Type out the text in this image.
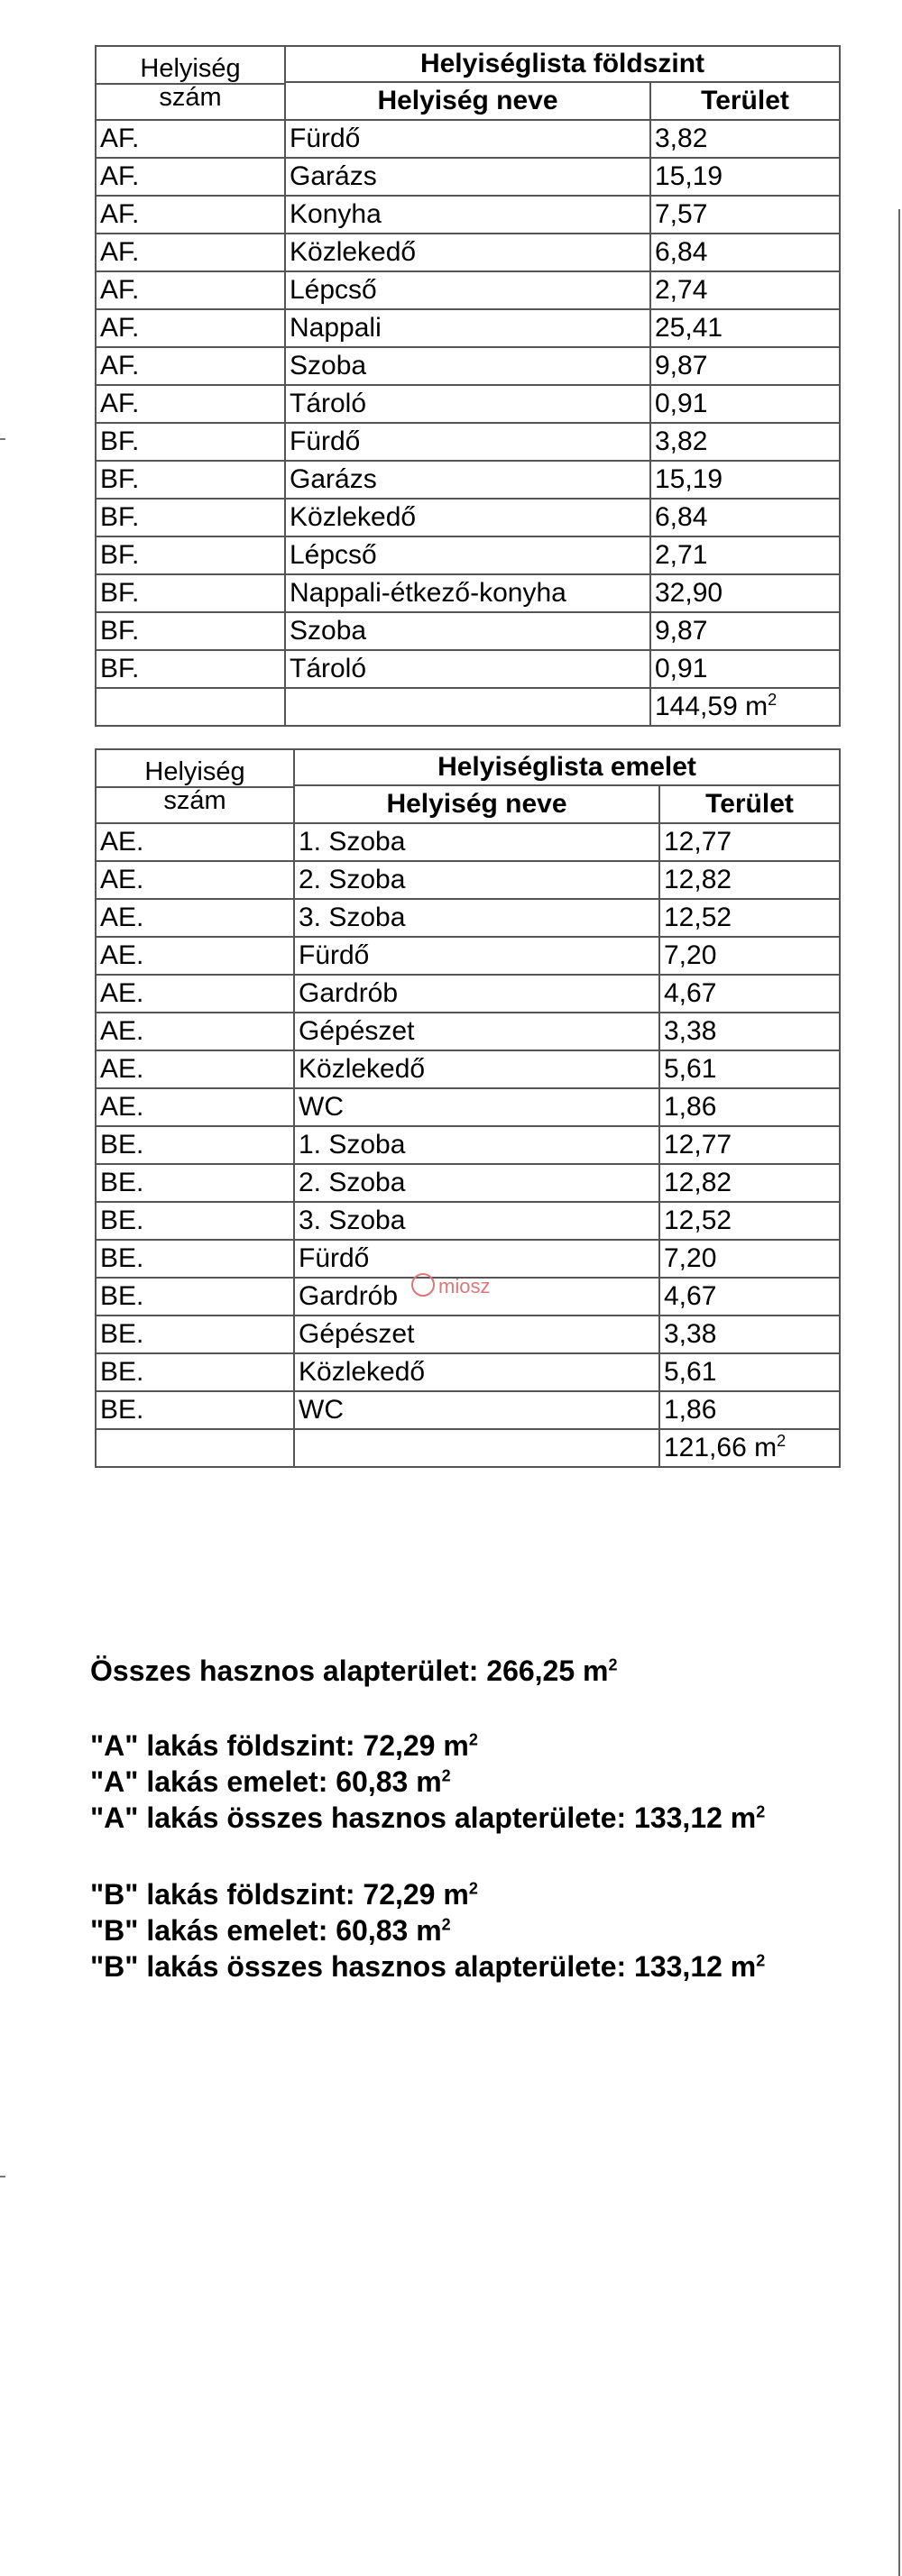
Helyiség
szám	Helyiséglista földszint	
	Helyiség neve	Terület
AF.	Fürdő	3,82
AF.	Garázs	15,19
AF.	Konyha	7,57
AF.	Közlekedő	6,84
AF.	Lépcső	2,74
AF.	Nappali	25,41
AF.	Szoba	9,87
AF.	Tároló	0,91
BF.	Fürdő	3,82
BF.	Garázs	15,19
BF.	Közlekedő	6,84
BF.	Lépcső	2,71
BF.	Nappali-étkező-konyha	32,90
BF.	Szoba	9,87
BF.	Tároló	0,91
		144,59 $m^2$
Helyiség
szám	Helyiséglista emelet	
	Helyiség neve	Terület
AE.	1. Szoba	12,77
AE.	2. Szoba	12,82
AE.	3. Szoba	12,52
AE.	Fürdő	7,20
AE.	Gardrób	4,67
AE.	Gépészet	3,38
AE.	Közlekedő	5,61
AE.	WC	1,86
BE.	1. Szoba	12,77
BE.	2. Szoba	12,82
BE.	3. Szoba	12,52
BE.	Fürdő	7,20
BE.	Gardrób	4,67
BE.	Gépészet	3,38
BE.	Közlekedő	5,61
BE.	WC	1,86
		121,66 $m^2$
miosz
Összes hasznos alapterület: 266,25 $m^2$
"A" lakás földszint: 72,29 $m^2$
"A" lakás emelet: 60,83 $m^2$
"A" lakás összes hasznos alapterülete: 133,12 $m^2$
"B" lakás földszint: 72,29 $m^2$
"B" lakás emelet: 60,83 $m^2$
"B" lakás összes hasznos alapterülete: 133,12 $m^2$
